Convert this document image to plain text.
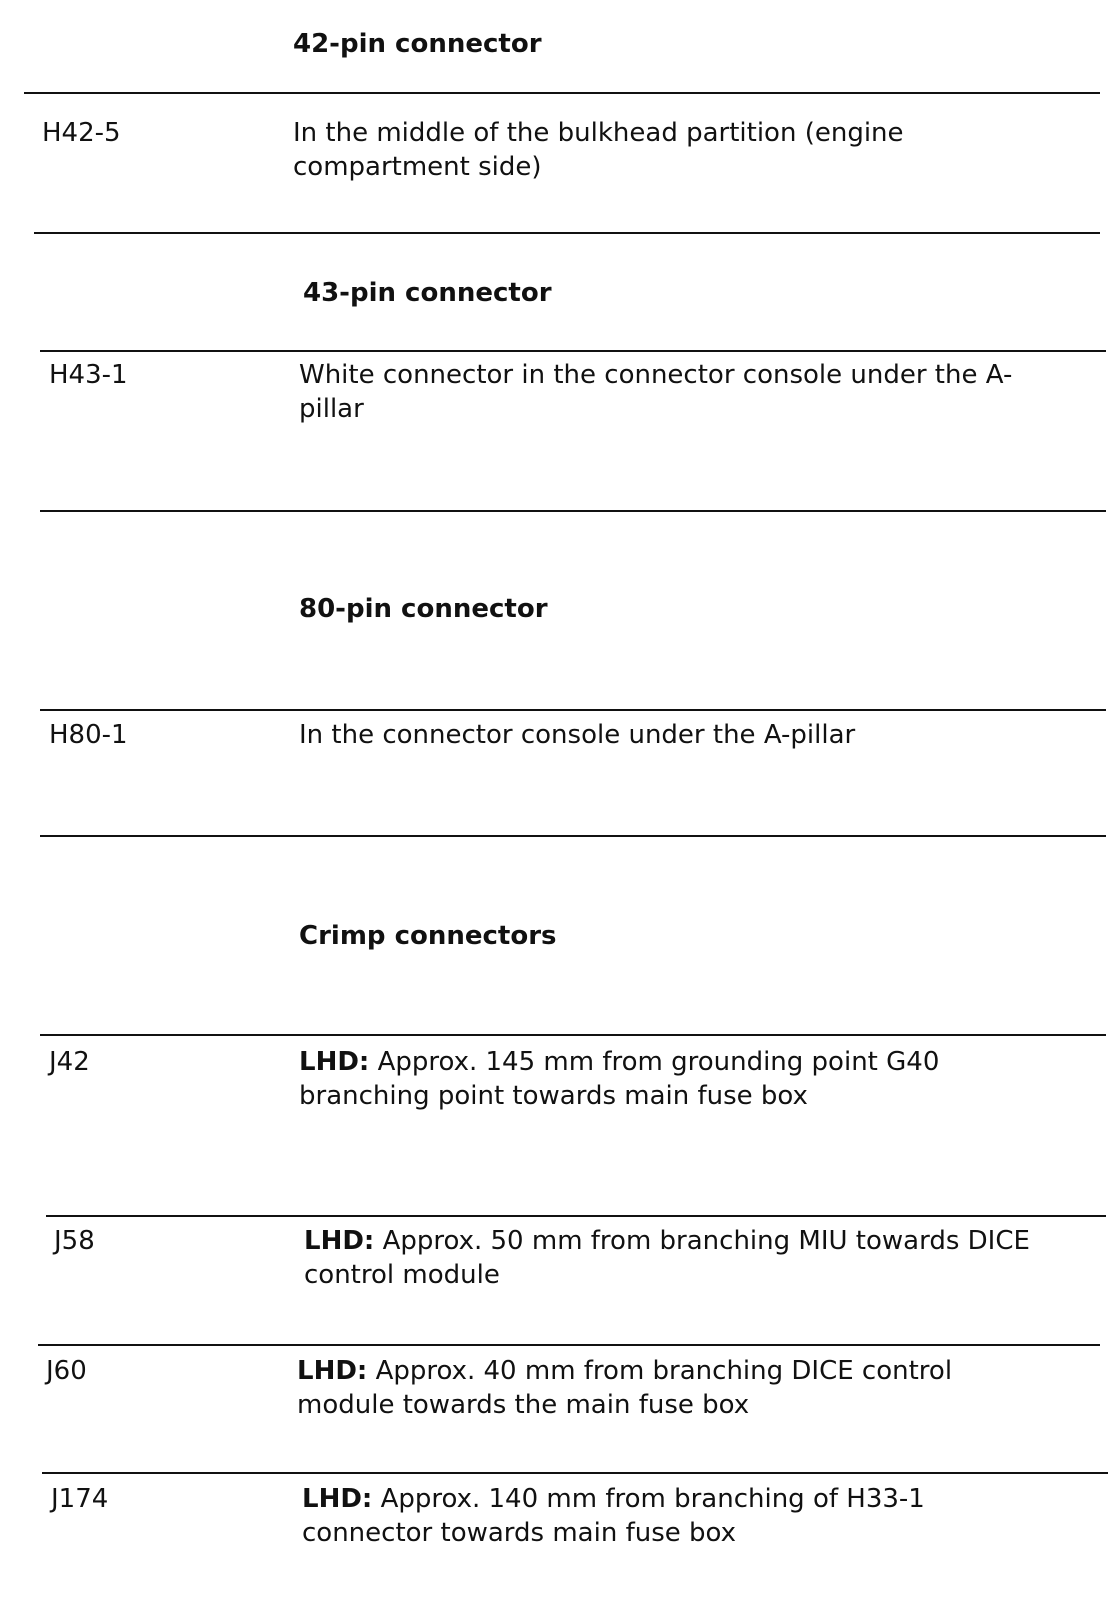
42-pin connector
H42-5	In the middle of the bulkhead partition (engine compartment side)
43-pin connector
H43-1	White connector in the connector console under the A-pillar
80-pin connector
H80-1	In the connector console under the A-pillar
Crimp connectors
J42	LHD: Approx. 145 mm from grounding point G40 branching point towards main fuse box
J58	LHD: Approx. 50 mm from branching MIU towards DICE control module
J60	LHD: Approx. 40 mm from branching DICE control module towards the main fuse box
J174	LHD: Approx. 140 mm from branching of H33-1 connector towards main fuse box
